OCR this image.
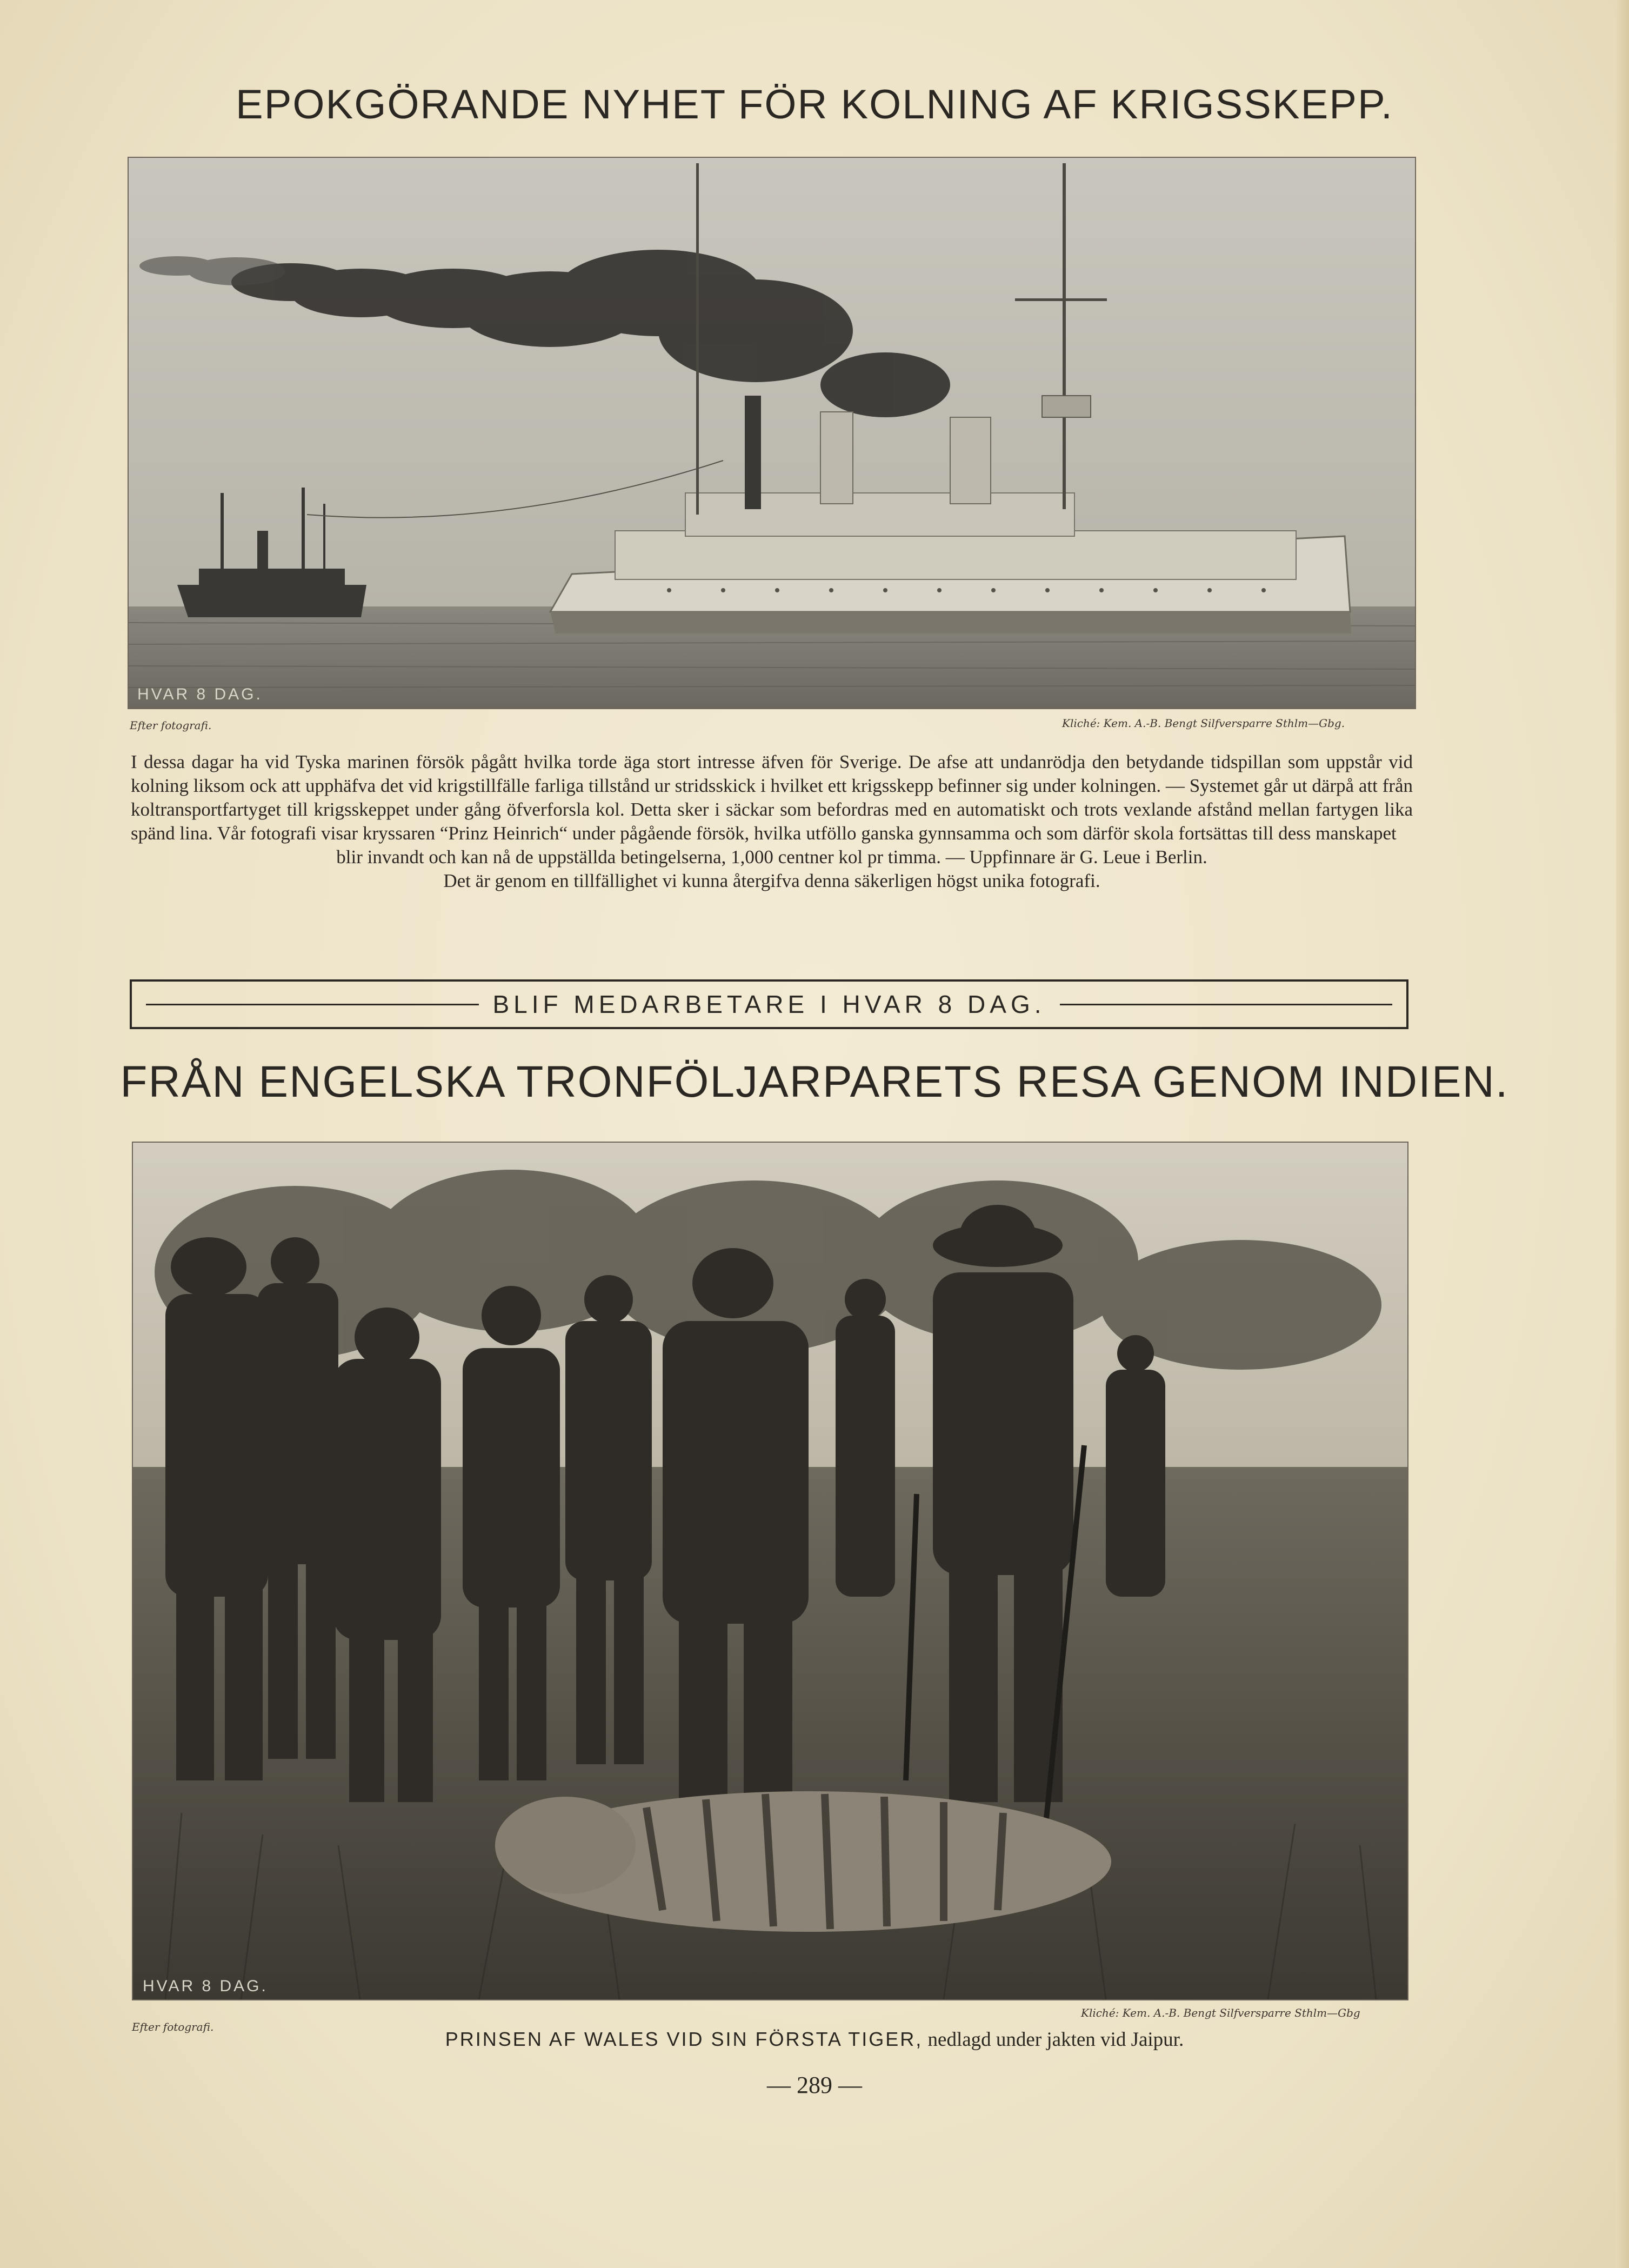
EPOKGÖRANDE NYHET FÖR KOLNING AF KRIGSSKEPP.
HVAR 8 DAG.
Efter fotografi.	Kliché: Kem. A.-B. Bengt Silfversparre Sthlm—Gbg.

I dessa dagar ha vid Tyska marinen försök pågått hvilka torde äga stort intresse äfven för Sverige. De afse att undanrödja den betydande tidspillan som uppstår vid kolning liksom ock att upphäfva det vid krigstillfälle farliga tillstånd ur stridsskick i hvilket ett krigsskepp befinner sig under kolningen. — Systemet går ut därpå att från koltransportfartyget till krigsskeppet under gång öfverforsla kol. Detta sker i säckar som befordras med en automatiskt och trots vexlande afstånd mellan fartygen lika spänd lina. Vår fotografi visar kryssaren “Prinz Heinrich“ under pågående försök, hvilka utföllo ganska gynnsamma och som därför skola fortsättas till dess manskapet

blir invandt och kan nå de uppställda betingelserna, 1,000 centner kol pr timma. — Uppfinnare är G. Leue i Berlin.

Det är genom en tillfällighet vi kunna återgifva denna säkerligen högst unika fotografi.

BLIF MEDARBETARE I HVAR 8 DAG.
FRÅN ENGELSKA TRONFÖLJARPARETS RESA GENOM INDIEN.
HVAR 8 DAG.
Efter fotografi.
Kliché: Kem. A.-B. Bengt Silfversparre Sthlm—Gbg
PRINSEN AF WALES VID SIN FÖRSTA TIGER, nedlagd under jakten vid Jaipur.
— 289 —
